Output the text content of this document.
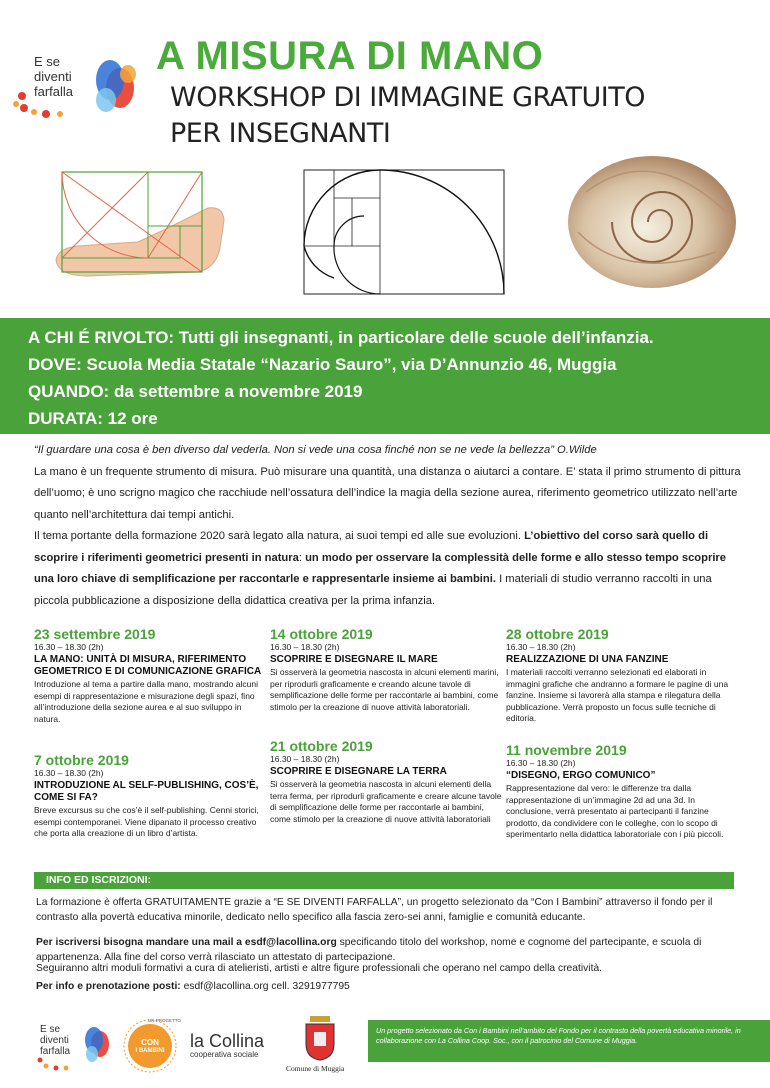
E se
diventi
farfalla
A MISURA DI MANO
WORKSHOP DI IMMAGINE GRATUITO
PER INSEGNANTI

A CHI É RIVOLTO: Tutti gli insegnanti, in particolare delle scuole dell’infanzia.

DOVE: Scuola Media Statale “Nazario Sauro”, via D’Annunzio 46, Muggia

QUANDO: da settembre a novembre 2019

DURATA: 12 ore

“Il guardare una cosa è ben diverso dal vederla. Non si vede una cosa finché non se ne vede la bellezza” O.Wilde
La mano è un frequente strumento di misura. Può misurare una quantità, una distanza o aiutarci a contare. E’ stata il primo strumento di pittura dell’uomo; è uno scrigno magico che racchiude nell’ossatura dell’indice la magia della sezione aurea, riferimento geometrico utilizzato nell’arte quanto nell’architettura dai tempi antichi.
Il tema portante della formazione 2020 sarà legato alla natura, ai suoi tempi ed alle sue evoluzioni. L’obiettivo del corso sarà quello di scoprire i riferimenti geometrici presenti in natura: un modo per osservare la complessità delle forme e allo stesso tempo scoprire una loro chiave di semplificazione per raccontarle e rappresentarle insieme ai bambini. I materiali di studio verranno raccolti in una piccola pubblicazione a disposizione della didattica creativa per la prima infanzia.
23 settembre 2019
16.30 – 18.30 (2h)
LA MANO: UNITÀ DI MISURA, RIFERIMENTO GEOMETRICO E DI COMUNICAZIONE GRAFICA
Introduzione al tema a partire dalla mano, mostrando alcuni esempi di rappresentazione e misurazione degli spazi, fino all’introduzione della sezione aurea e al suo sviluppo in natura.
7 ottobre 2019
16.30 – 18.30 (2h)
INTRODUZIONE AL SELF-PUBLISHING, COS’È, COME SI FA?
Breve excursus su che cos’è il self-publishing. Cenni storici, esempi contemporanei. Viene dipanato il processo creativo che porta alla creazione di un libro d’artista.
14 ottobre 2019
16.30 – 18.30 (2h)
SCOPRIRE E DISEGNARE IL MARE
Si osserverà la geometria nascosta in alcuni elementi marini, per riprodurli graficamente e creando alcune tavole di semplificazione delle forme per raccontarle ai bambini, come stimolo per la creazione di nuove attività laboratoriali.
21 ottobre 2019
16.30 – 18.30 (2h)
SCOPRIRE E DISEGNARE LA TERRA
Si osserverà la geometria nascosta in alcuni elementi della terra ferma, per riprodurli graficamente e creare alcune tavole di semplificazione delle forme per raccontarle ai bambini, come stimolo per la creazione di nuove attività laboratoriali
28 ottobre 2019
16.30 – 18.30 (2h)
REALIZZAZIONE DI UNA FANZINE
I materiali raccolti verranno selezionati ed elaborati in immagini grafiche che andranno a formare le pagine di una fanzine. Insieme si lavorerà alla stampa e rilegatura della pubblicazione. Verrà proposto un focus sulle tecniche di editoria.
11 novembre 2019
16.30 – 18.30 (2h)
“DISEGNO, ERGO COMUNICO”
Rappresentazione dal vero: le differenze tra dalla rappresentazione di un’immagine 2d ad una 3d. In conclusione, verrà presentato ai partecipanti il fanzine prodotto, da condividere con le colleghe, con lo scopo di sperimentarlo nella didattica laboratoriale con i più piccoli.
INFO ED ISCRIZIONI:
La formazione è offerta GRATUITAMENTE grazie a “E SE DIVENTI FARFALLA”, un progetto selezionato da “Con I Bambini” attraverso il fondo per il contrasto alla povertà educativa minorile, dedicato nello specifico alla fascia zero-sei anni, famiglie e comunità educante.
Per iscriversi bisogna mandare una mail a esdf@lacollina.org specificando titolo del workshop, nome e cognome del partecipante, e scuola di appartenenza. Alla fine del corso verrà rilasciato un attestato di partecipazione.
Seguiranno altri moduli formativi a cura di atelieristi, artisti e altre figure professionali che operano nel campo della creatività.
Per info e prenotazione posti: esdf@lacollina.org cell. 3291977795
E se
diventi
farfalla
CON
I BAMBINI
UN PROGETTO
la Collina
cooperativa sociale
Comune di Muggia

Un progetto selezionato da Con i Bambini nell’ambito del Fondo per il contrasto della povertà educativa minorile, in collaborazione con La Collina Coop. Soc., con il patrocinio del Comune di Muggia.
